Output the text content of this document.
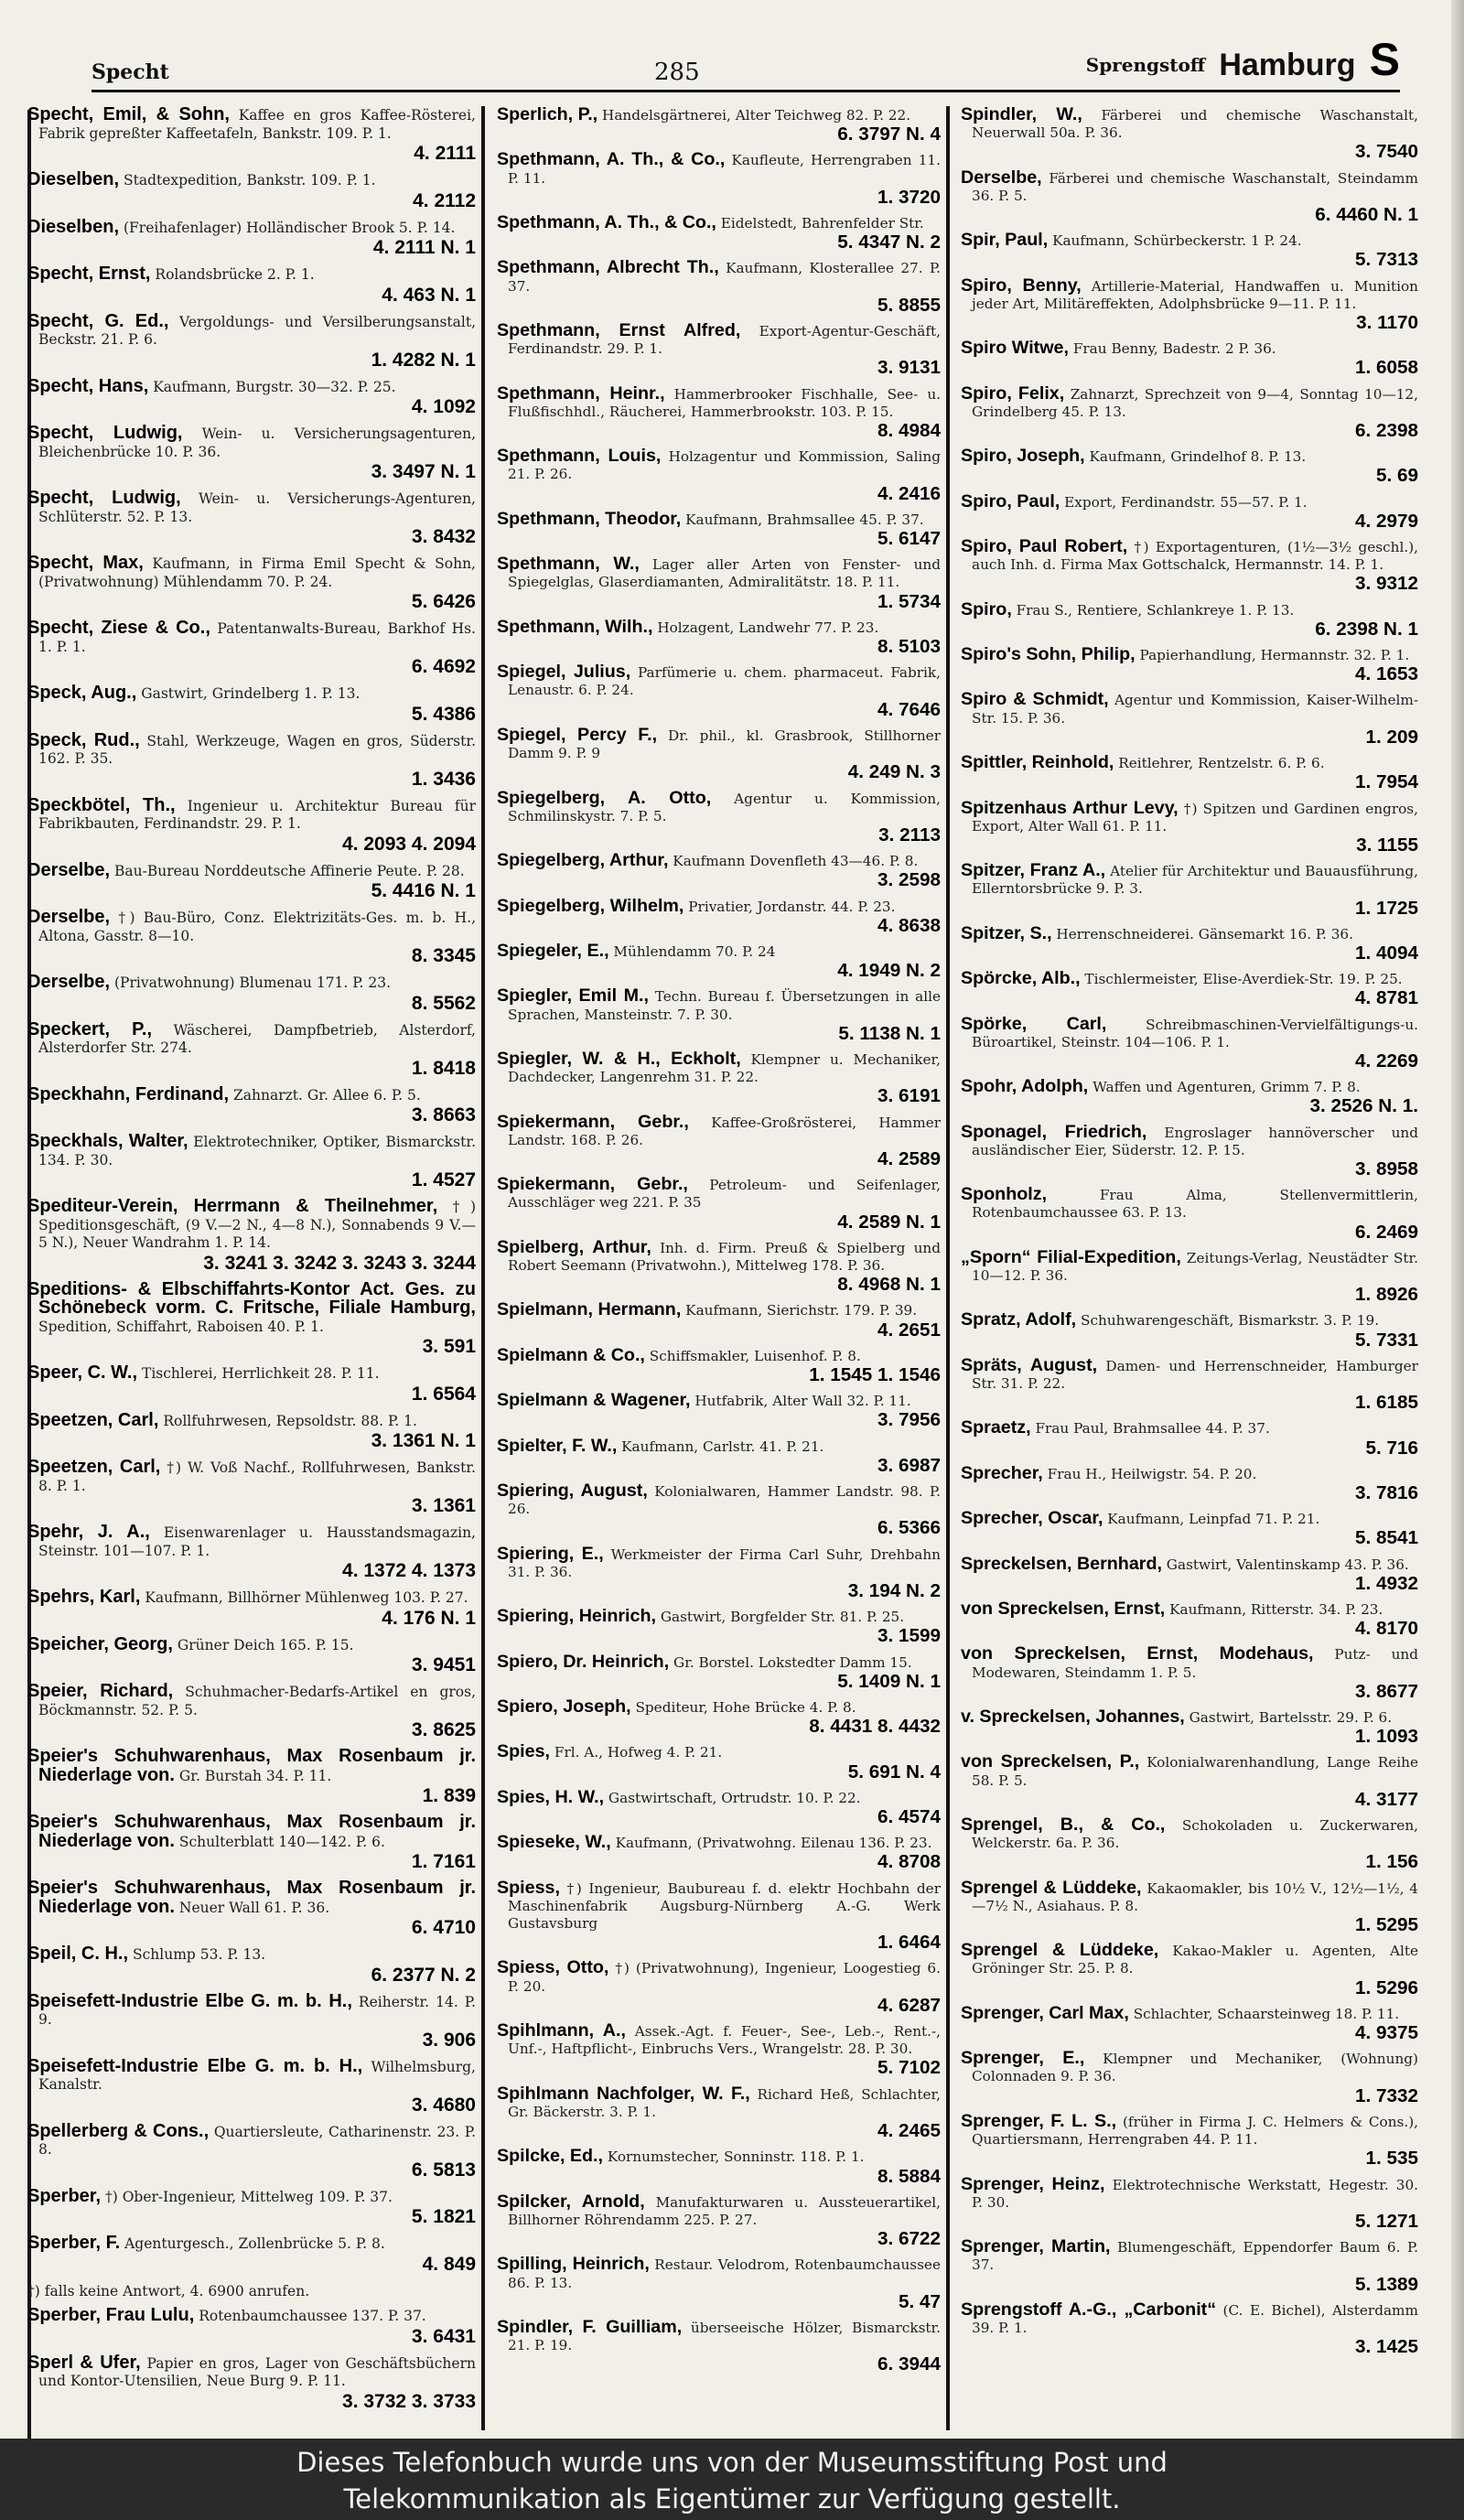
Specht	285	Sprengstoff Hamburg S

Specht, Emil, & Sohn, Kaffee en gros Kaffee-Rösterei, Fabrik gepreßter Kaffeetafeln, Bankstr. 109. P. 1.
4. 2111

Dieselben, Stadtexpedition, Bankstr. 109. P. 1.
4. 2112

Dieselben, (Freihafenlager) Holländischer Brook 5. P. 14.
4. 2111 N. 1

Specht, Ernst, Rolandsbrücke 2. P. 1.
4. 463 N. 1

Specht, G. Ed., Vergoldungs- und Versilberungsanstalt, Beckstr. 21. P. 6.
1. 4282 N. 1

Specht, Hans, Kaufmann, Burgstr. 30—32. P. 25.
4. 1092

Specht, Ludwig, Wein- u. Versicherungsagenturen, Bleichenbrücke 10. P. 36.
3. 3497 N. 1

Specht, Ludwig, Wein- u. Versicherungs-Agenturen, Schlüterstr. 52. P. 13.
3. 8432

Specht, Max, Kaufmann, in Firma Emil Specht & Sohn, (Privatwohnung) Mühlendamm 70. P. 24.
5. 6426

Specht, Ziese & Co., Patentanwalts-Bureau, Barkhof Hs. 1. P. 1.
6. 4692

Speck, Aug., Gastwirt, Grindelberg 1. P. 13.
5. 4386

Speck, Rud., Stahl, Werkzeuge, Wagen en gros, Süderstr. 162. P. 35.
1. 3436

Speckbötel, Th., Ingenieur u. Architektur Bureau für Fabrikbauten, Ferdinandstr. 29. P. 1.
4. 2093 4. 2094

Derselbe, Bau-Bureau Norddeutsche Affinerie Peute. P. 28.
5. 4416 N. 1

Derselbe, †) Bau-Büro, Conz. Elektrizitäts-Ges. m. b. H., Altona, Gasstr. 8—10.
8. 3345

Derselbe, (Privatwohnung) Blumenau 171. P. 23.
8. 5562

Speckert, P., Wäscherei, Dampfbetrieb, Alsterdorf, Alsterdorfer Str. 274.
1. 8418

Speckhahn, Ferdinand, Zahnarzt. Gr. Allee 6. P. 5.
3. 8663

Speckhals, Walter, Elektrotechniker, Optiker, Bismarckstr. 134. P. 30.
1. 4527

Spediteur-Verein, Herrmann & Theilnehmer, †) Speditionsgeschäft, (9 V.—2 N., 4—8 N.), Sonnabends 9 V.—5 N.), Neuer Wandrahm 1. P. 14.
3. 3241 3. 3242 3. 3243 3. 3244

Speditions- & Elbschiffahrts-Kontor Act. Ges. zu Schönebeck vorm. C. Fritsche, Filiale Hamburg, Spedition, Schiffahrt, Raboisen 40. P. 1.
3. 591

Speer, C. W., Tischlerei, Herrlichkeit 28. P. 11.
1. 6564

Speetzen, Carl, Rollfuhrwesen, Repsoldstr. 88. P. 1.
3. 1361 N. 1

Speetzen, Carl, †) W. Voß Nachf., Rollfuhrwesen, Bankstr. 8. P. 1.
3. 1361

Spehr, J. A., Eisenwarenlager u. Hausstandsmagazin, Steinstr. 101—107. P. 1.
4. 1372 4. 1373

Spehrs, Karl, Kaufmann, Billhörner Mühlenweg 103. P. 27.
4. 176 N. 1

Speicher, Georg, Grüner Deich 165. P. 15.
3. 9451

Speier, Richard, Schuhmacher-Bedarfs-Artikel en gros, Böckmannstr. 52. P. 5.
3. 8625

Speier's Schuhwarenhaus, Max Rosenbaum jr. Niederlage von. Gr. Burstah 34. P. 11.
1. 839

Speier's Schuhwarenhaus, Max Rosenbaum jr. Niederlage von. Schulterblatt 140—142. P. 6.
1. 7161

Speier's Schuhwarenhaus, Max Rosenbaum jr. Niederlage von. Neuer Wall 61. P. 36.
6. 4710

Speil, C. H., Schlump 53. P. 13.
6. 2377 N. 2

Speisefett-Industrie Elbe G. m. b. H., Reiherstr. 14. P. 9.
3. 906

Speisefett-Industrie Elbe G. m. b. H., Wilhelmsburg, Kanalstr.
3. 4680

Spellerberg & Cons., Quartiersleute, Catharinenstr. 23. P. 8.
6. 5813

Sperber, †) Ober-Ingenieur, Mittelweg 109. P. 37.
5. 1821

Sperber, F. Agenturgesch., Zollenbrücke 5. P. 8.
4. 849

†) falls keine Antwort, 4. 6900 anrufen.

Sperber, Frau Lulu, Rotenbaumchaussee 137. P. 37.
3. 6431

Sperl & Ufer, Papier en gros, Lager von Geschäftsbüchern und Kontor-Utensilien, Neue Burg 9. P. 11.
3. 3732 3. 3733

Sperlich, P., Handelsgärtnerei, Alter Teichweg 82. P. 22.
6. 3797 N. 4

Spethmann, A. Th., & Co., Kaufleute, Herrengraben 11. P. 11.
1. 3720

Spethmann, A. Th., & Co., Eidelstedt, Bahrenfelder Str.
5. 4347 N. 2

Spethmann, Albrecht Th., Kaufmann, Klosterallee 27. P. 37.
5. 8855

Spethmann, Ernst Alfred, Export-Agentur-Geschäft, Ferdinandstr. 29. P. 1.
3. 9131

Spethmann, Heinr., Hammerbrooker Fischhalle, See- u. Flußfischhdl., Räucherei, Hammerbrookstr. 103. P. 15.
8. 4984

Spethmann, Louis, Holzagentur und Kommission, Saling 21. P. 26.
4. 2416

Spethmann, Theodor, Kaufmann, Brahmsallee 45. P. 37.
5. 6147

Spethmann, W., Lager aller Arten von Fenster- und Spiegelglas, Glaserdiamanten, Admiralitätstr. 18. P. 11.
1. 5734

Spethmann, Wilh., Holzagent, Landwehr 77. P. 23.
8. 5103

Spiegel, Julius, Parfümerie u. chem. pharmaceut. Fabrik, Lenaustr. 6. P. 24.
4. 7646

Spiegel, Percy F., Dr. phil., kl. Grasbrook, Stillhorner Damm 9. P. 9
4. 249 N. 3

Spiegelberg, A. Otto, Agentur u. Kommission, Schmilinskystr. 7. P. 5.
3. 2113

Spiegelberg, Arthur, Kaufmann Dovenfleth 43—46. P. 8.
3. 2598

Spiegelberg, Wilhelm, Privatier, Jordanstr. 44. P. 23.
4. 8638

Spiegeler, E., Mühlendamm 70. P. 24
4. 1949 N. 2

Spiegler, Emil M., Techn. Bureau f. Übersetzungen in alle Sprachen, Mansteinstr. 7. P. 30.
5. 1138 N. 1

Spiegler, W. & H., Eckholt, Klempner u. Mechaniker, Dachdecker, Langenrehm 31. P. 22.
3. 6191

Spiekermann, Gebr., Kaffee-Großrösterei, Hammer Landstr. 168. P. 26.
4. 2589

Spiekermann, Gebr., Petroleum- und Seifenlager, Ausschläger weg 221. P. 35
4. 2589 N. 1

Spielberg, Arthur, Inh. d. Firm. Preuß & Spielberg und Robert Seemann (Privatwohn.), Mittelweg 178. P. 36.
8. 4968 N. 1

Spielmann, Hermann, Kaufmann, Sierichstr. 179. P. 39.
4. 2651

Spielmann & Co., Schiffsmakler, Luisenhof. P. 8.
1. 1545 1. 1546

Spielmann & Wagener, Hutfabrik, Alter Wall 32. P. 11.
3. 7956

Spielter, F. W., Kaufmann, Carlstr. 41. P. 21.
3. 6987

Spiering, August, Kolonialwaren, Hammer Landstr. 98. P. 26.
6. 5366

Spiering, E., Werkmeister der Firma Carl Suhr, Drehbahn 31. P. 36.
3. 194 N. 2

Spiering, Heinrich, Gastwirt, Borgfelder Str. 81. P. 25.
3. 1599

Spiero, Dr. Heinrich, Gr. Borstel. Lokstedter Damm 15.
5. 1409 N. 1

Spiero, Joseph, Spediteur, Hohe Brücke 4. P. 8.
8. 4431 8. 4432

Spies, Frl. A., Hofweg 4. P. 21.
5. 691 N. 4

Spies, H. W., Gastwirtschaft, Ortrudstr. 10. P. 22.
6. 4574

Spieseke, W., Kaufmann, (Privatwohng. Eilenau 136. P. 23.
4. 8708

Spiess, †) Ingenieur, Baubureau f. d. elektr Hochbahn der Maschinenfabrik Augsburg-Nürnberg A.-G. Werk Gustavsburg
1. 6464

Spiess, Otto, †) (Privatwohnung), Ingenieur, Loogestieg 6. P. 20.
4. 6287

Spihlmann, A., Assek.-Agt. f. Feuer-, See-, Leb.-, Rent.-, Unf.-, Haftpflicht-, Einbruchs Vers., Wrangelstr. 28. P. 30.
5. 7102

Spihlmann Nachfolger, W. F., Richard Heß, Schlachter, Gr. Bäckerstr. 3. P. 1.
4. 2465

Spilcke, Ed., Kornumstecher, Sonninstr. 118. P. 1.
8. 5884

Spilcker, Arnold, Manufakturwaren u. Aussteuerartikel, Billhorner Röhrendamm 225. P. 27.
3. 6722

Spilling, Heinrich, Restaur. Velodrom, Rotenbaumchaussee 86. P. 13.
5. 47

Spindler, F. Guilliam, überseeische Hölzer, Bismarckstr. 21. P. 19.
6. 3944

Spindler, W., Färberei und chemische Waschanstalt, Neuerwall 50a. P. 36.
3. 7540

Derselbe, Färberei und chemische Waschanstalt, Steindamm 36. P. 5.
6. 4460 N. 1

Spir, Paul, Kaufmann, Schürbeckerstr. 1 P. 24.
5. 7313

Spiro, Benny, Artillerie-Material, Handwaffen u. Munition jeder Art, Militäreffekten, Adolphsbrücke 9—11. P. 11.
3. 1170

Spiro Witwe, Frau Benny, Badestr. 2 P. 36.
1. 6058

Spiro, Felix, Zahnarzt, Sprechzeit von 9—4, Sonntag 10—12, Grindelberg 45. P. 13.
6. 2398

Spiro, Joseph, Kaufmann, Grindelhof 8. P. 13.
5. 69

Spiro, Paul, Export, Ferdinandstr. 55—57. P. 1.
4. 2979

Spiro, Paul Robert, †) Exportagenturen, (1½—3½ geschl.), auch Inh. d. Firma Max Gottschalck, Hermannstr. 14. P. 1.
3. 9312

Spiro, Frau S., Rentiere, Schlankreye 1. P. 13.
6. 2398 N. 1

Spiro's Sohn, Philip, Papierhandlung, Hermannstr. 32. P. 1.
4. 1653

Spiro & Schmidt, Agentur und Kommission, Kaiser-Wilhelm-Str. 15. P. 36.
1. 209

Spittler, Reinhold, Reitlehrer, Rentzelstr. 6. P. 6.
1. 7954

Spitzenhaus Arthur Levy, †) Spitzen und Gardinen engros, Export, Alter Wall 61. P. 11.
3. 1155

Spitzer, Franz A., Atelier für Architektur und Bauausführung, Ellerntorsbrücke 9. P. 3.
1. 1725

Spitzer, S., Herrenschneiderei. Gänsemarkt 16. P. 36.
1. 4094

Spörcke, Alb., Tischlermeister, Elise-Averdiek-Str. 19. P. 25.
4. 8781

Spörke, Carl,	Schreibmaschinen-Vervielfältigungs-u. Büroartikel, Steinstr. 104—106. P. 1.
4. 2269

Spohr, Adolph, Waffen und Agenturen, Grimm 7. P. 8.
3. 2526 N. 1.

Sponagel, Friedrich, Engroslager hannöverscher und ausländischer Eier, Süderstr. 12. P. 15.
3. 8958

Sponholz,	Frau Alma, Stellenvermittlerin, Rotenbaumchaussee 63. P. 13.
6. 2469

„Sporn“ Filial-Expedition, Zeitungs-Verlag, Neustädter Str. 10—12. P. 36.
1. 8926

Spratz, Adolf, Schuhwarengeschäft, Bismarkstr. 3. P. 19.
5. 7331

Spräts, August, Damen- und Herrenschneider, Hamburger Str. 31. P. 22.
1. 6185

Spraetz, Frau Paul, Brahmsallee 44. P. 37.
5. 716

Sprecher, Frau H., Heilwigstr. 54. P. 20.
3. 7816

Sprecher, Oscar, Kaufmann, Leinpfad 71. P. 21.
5. 8541

Spreckelsen, Bernhard, Gastwirt, Valentinskamp 43. P. 36.
1. 4932

von Spreckelsen, Ernst, Kaufmann, Ritterstr. 34. P. 23.
4. 8170

von Spreckelsen, Ernst, Modehaus, Putz- und Modewaren, Steindamm 1. P. 5.
3. 8677

v. Spreckelsen, Johannes, Gastwirt, Bartelsstr. 29. P. 6.
1. 1093

von Spreckelsen, P., Kolonialwarenhandlung, Lange Reihe 58. P. 5.
4. 3177

Sprengel, B., & Co., Schokoladen u. Zuckerwaren, Welckerstr. 6a. P. 36.
1. 156

Sprengel & Lüddeke, Kakaomakler, bis 10½ V., 12½—1½, 4—7½ N., Asiahaus. P. 8.
1. 5295

Sprengel & Lüddeke, Kakao-Makler u. Agenten, Alte Gröninger Str. 25. P. 8.
1. 5296

Sprenger, Carl Max, Schlachter, Schaarsteinweg 18. P. 11.
4. 9375

Sprenger, E., Klempner und Mechaniker, (Wohnung) Colonnaden 9. P. 36.
1. 7332

Sprenger, F. L. S., (früher in Firma J. C. Helmers & Cons.), Quartiersmann, Herrengraben 44. P. 11.
1. 535

Sprenger, Heinz, Elektrotechnische Werkstatt, Hegestr. 30. P. 30.
5. 1271

Sprenger, Martin, Blumengeschäft, Eppendorfer Baum 6. P. 37.
5. 1389

Sprengstoff A.-G., „Carbonit“ (C. E. Bichel), Alsterdamm 39. P. 1.
3. 1425

Dieses Telefonbuch wurde uns von der Museumsstiftung Post und
Telekommunikation als Eigentümer zur Verfügung gestellt.
